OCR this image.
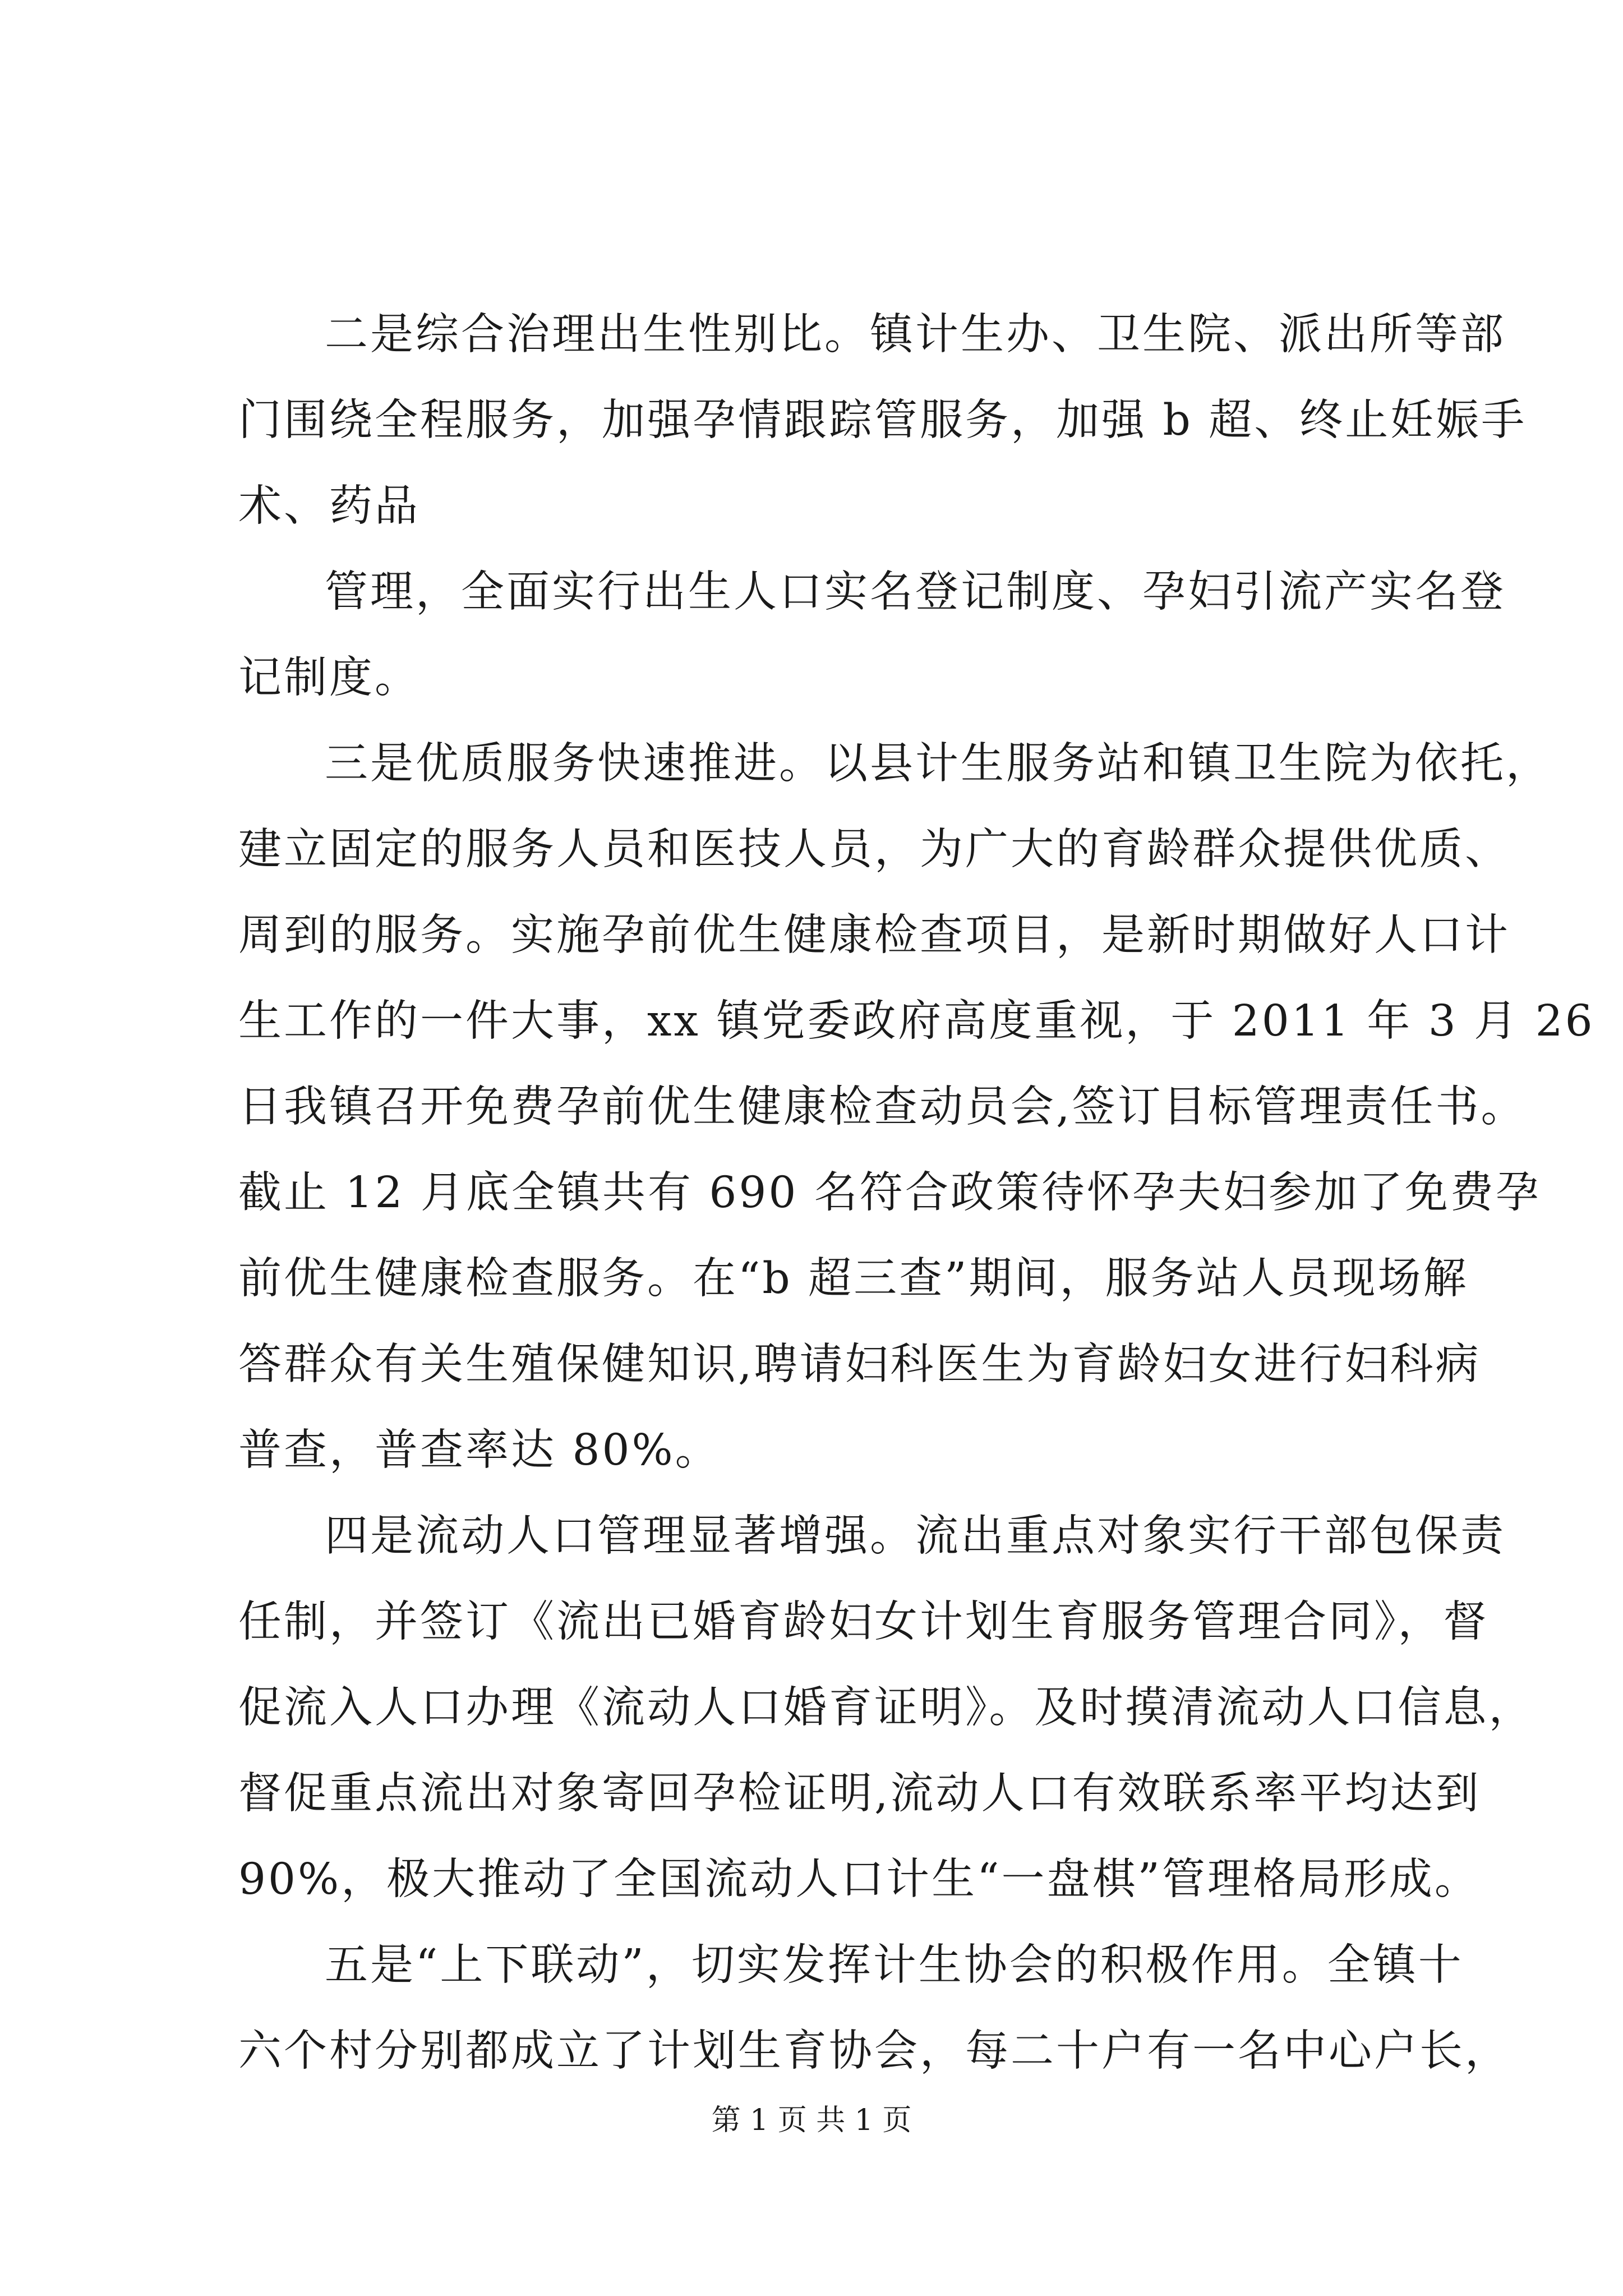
二是综合治理出生性别比。镇计生办、卫生院、派出所等部
门围绕全程服务，加强孕情跟踪管服务，加强 b 超、终止妊娠手
术、药品
管理，全面实行出生人口实名登记制度、孕妇引流产实名登
记制度。
三是优质服务快速推进。以县计生服务站和镇卫生院为依托，
建立固定的服务人员和医技人员，为广大的育龄群众提供优质、
周到的服务。实施孕前优生健康检查项目，是新时期做好人口计
生工作的一件大事，xx 镇党委政府高度重视，于 2011 年 3 月 26
日我镇召开免费孕前优生健康检查动员会,签订目标管理责任书。
截止 12 月底全镇共有 690 名符合政策待怀孕夫妇参加了免费孕
前优生健康检查服务。在“b 超三查”期间，服务站人员现场解
答群众有关生殖保健知识,聘请妇科医生为育龄妇女进行妇科病
普查，普查率达 80%。
四是流动人口管理显著增强。流出重点对象实行干部包保责
任制，并签订《流出已婚育龄妇女计划生育服务管理合同》，督
促流入人口办理《流动人口婚育证明》。及时摸清流动人口信息，
督促重点流出对象寄回孕检证明,流动人口有效联系率平均达到
90%，极大推动了全国流动人口计生“一盘棋”管理格局形成。
五是“上下联动”，切实发挥计生协会的积极作用。全镇十
六个村分别都成立了计划生育协会，每二十户有一名中心户长，
第 1 页 共 1 页
